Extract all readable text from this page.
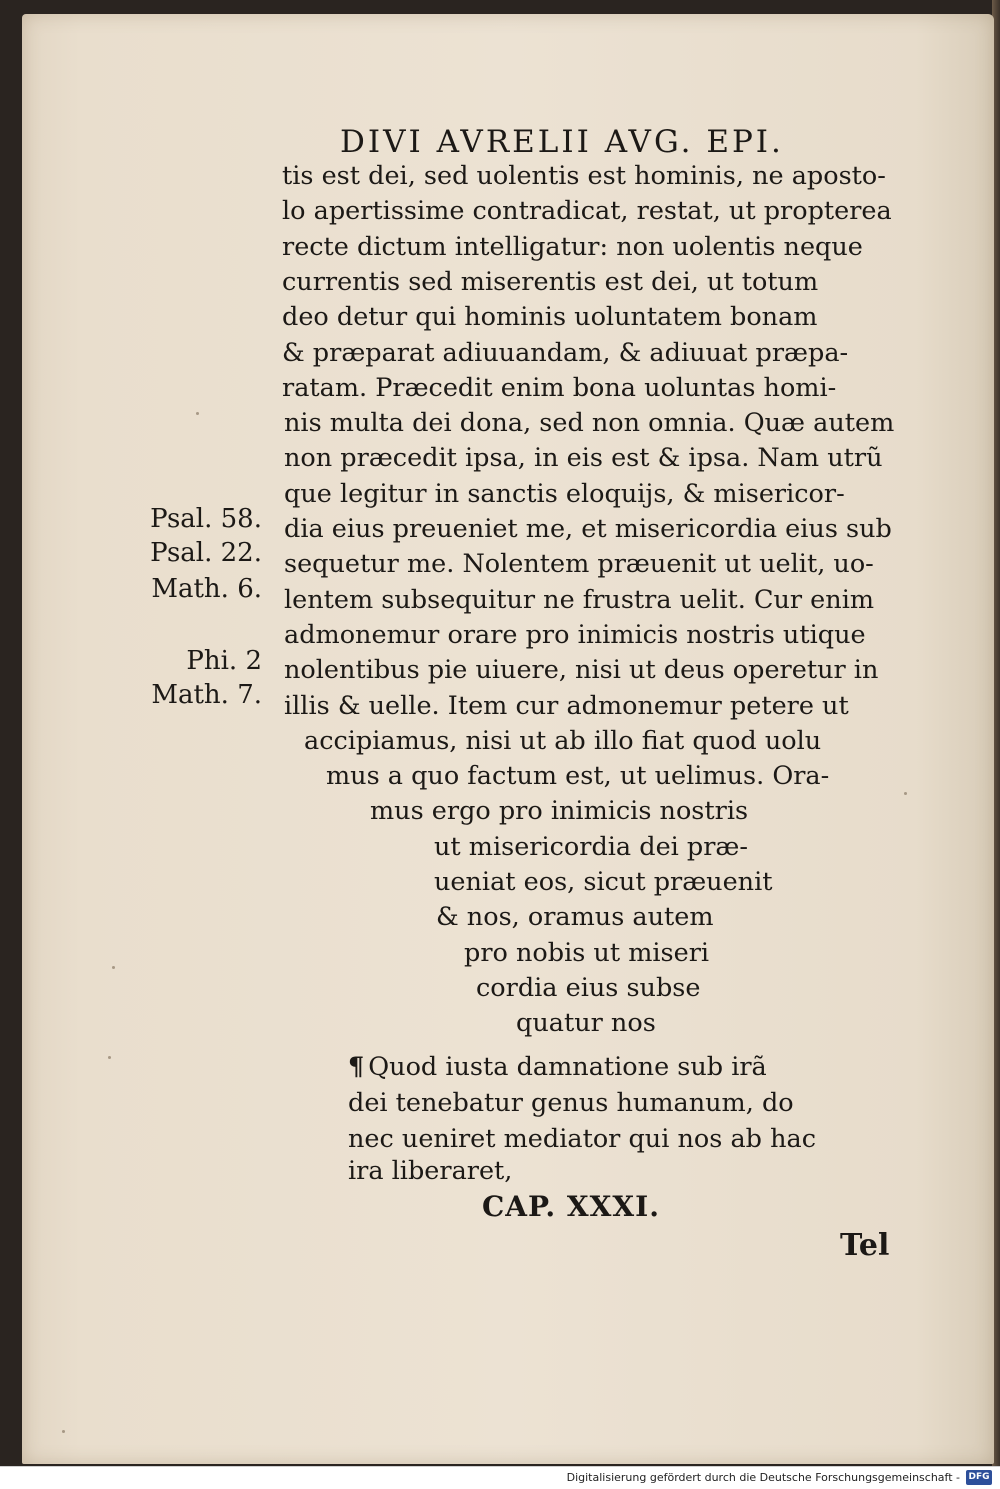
DIVI AVRELII AVG. EPI.
tis est dei, sed uolentis est hominis, ne aposto-
lo apertissime contradicat, restat, ut propterea
recte dictum intelligatur: non uolentis neque
currentis sed miserentis est dei, ut totum
deo detur qui hominis uoluntatem bonam
& præparat adiuuandam, & adiuuat præpa-
ratam. Præcedit enim bona uoluntas homi-
nis multa dei dona, sed non omnia. Quæ autem
non præcedit ipsa, in eis est & ipsa. Nam utrũ
que legitur in sanctis eloquijs, & misericor-
dia eius preueniet me, et misericordia eius sub
sequetur me. Nolentem præuenit ut uelit, uo-
lentem subsequitur ne frustra uelit. Cur enim
admonemur orare pro inimicis nostris utique
nolentibus pie uiuere, nisi ut deus operetur in
illis & uelle. Item cur admonemur petere ut
accipiamus, nisi ut ab illo fiat quod uolu
mus a quo factum est, ut uelimus. Ora-
mus ergo pro inimicis nostris
ut misericordia dei præ-
ueniat eos, sicut præuenit
& nos, oramus autem
pro nobis ut miseri
cordia eius subse
quatur nos
Psal. 58.
Psal. 22.
Math. 6.
Phi. 2
Math. 7.
¶ Quod iusta damnatione sub irã
dei tenebatur genus humanum, do
nec ueniret mediator qui nos ab hac
ira liberaret,
CAP. XXXI.
Tel
Digitalisierung gefördert durch die Deutsche Forschungsgemeinschaft - DFG
